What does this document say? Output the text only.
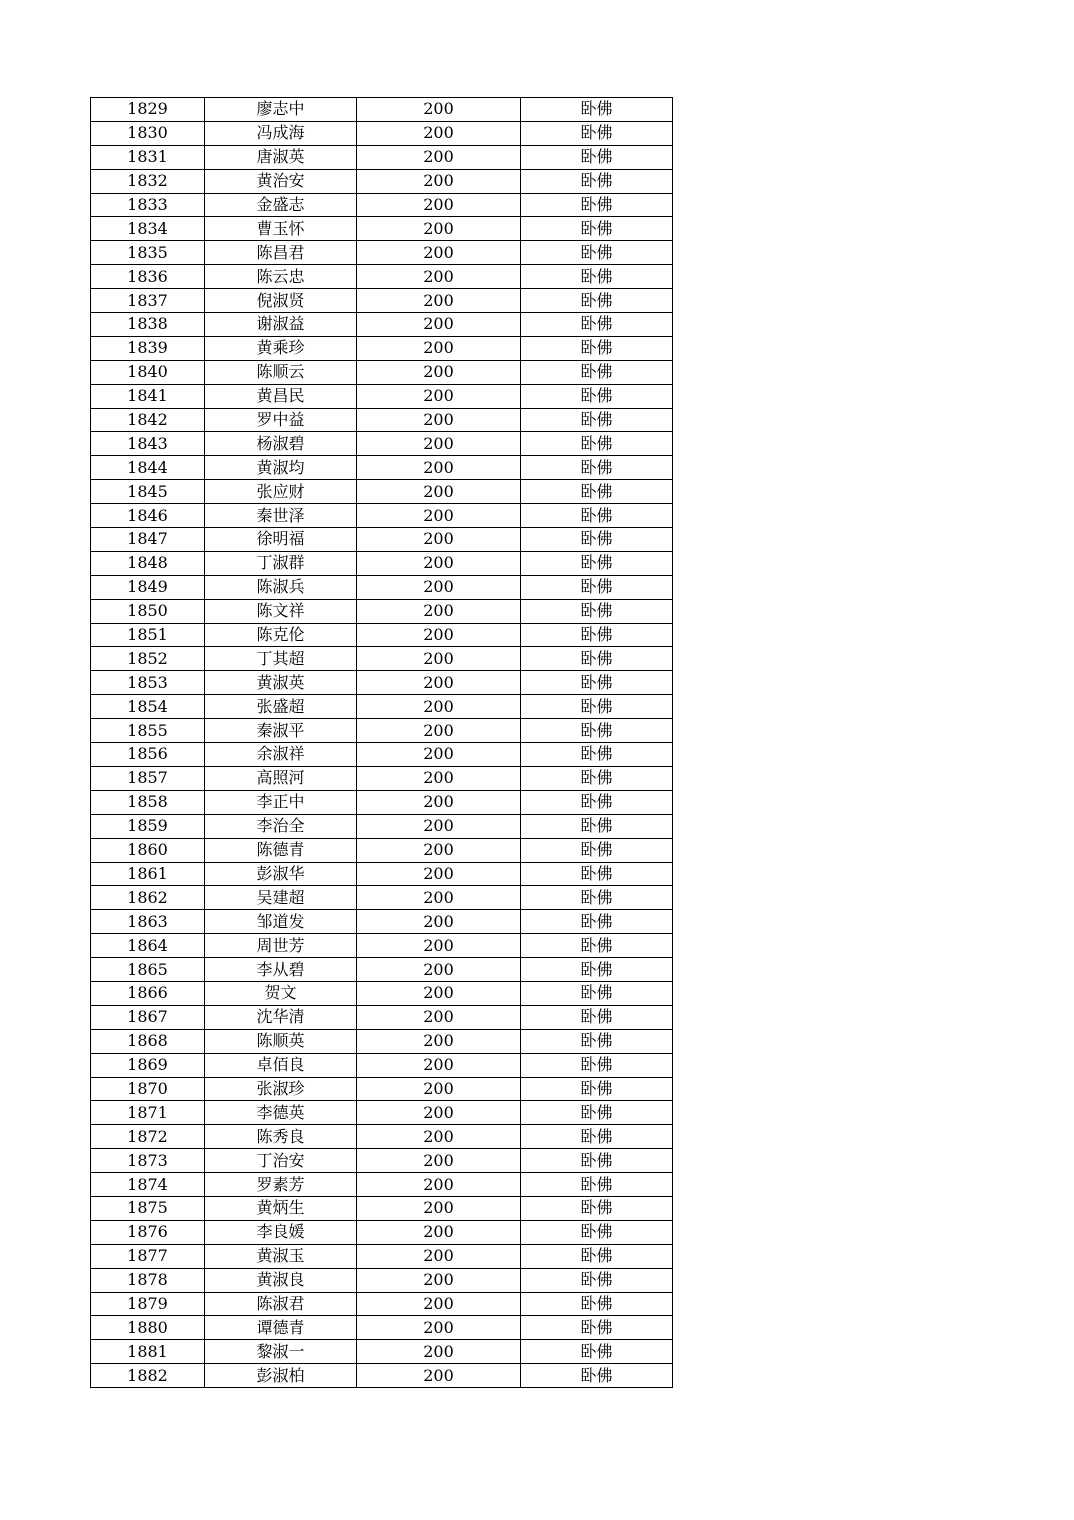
1829	廖志中	200	卧佛
1830	冯成海	200	卧佛
1831	唐淑英	200	卧佛
1832	黄治安	200	卧佛
1833	金盛志	200	卧佛
1834	曹玉怀	200	卧佛
1835	陈昌君	200	卧佛
1836	陈云忠	200	卧佛
1837	倪淑贤	200	卧佛
1838	谢淑益	200	卧佛
1839	黄乘珍	200	卧佛
1840	陈顺云	200	卧佛
1841	黄昌民	200	卧佛
1842	罗中益	200	卧佛
1843	杨淑碧	200	卧佛
1844	黄淑均	200	卧佛
1845	张应财	200	卧佛
1846	秦世泽	200	卧佛
1847	徐明福	200	卧佛
1848	丁淑群	200	卧佛
1849	陈淑兵	200	卧佛
1850	陈文祥	200	卧佛
1851	陈克伦	200	卧佛
1852	丁其超	200	卧佛
1853	黄淑英	200	卧佛
1854	张盛超	200	卧佛
1855	秦淑平	200	卧佛
1856	余淑祥	200	卧佛
1857	高照河	200	卧佛
1858	李正中	200	卧佛
1859	李治全	200	卧佛
1860	陈德青	200	卧佛
1861	彭淑华	200	卧佛
1862	吴建超	200	卧佛
1863	邹道发	200	卧佛
1864	周世芳	200	卧佛
1865	李从碧	200	卧佛
1866	贺文	200	卧佛
1867	沈华清	200	卧佛
1868	陈顺英	200	卧佛
1869	卓佰良	200	卧佛
1870	张淑珍	200	卧佛
1871	李德英	200	卧佛
1872	陈秀良	200	卧佛
1873	丁治安	200	卧佛
1874	罗素芳	200	卧佛
1875	黄炳生	200	卧佛
1876	李良媛	200	卧佛
1877	黄淑玉	200	卧佛
1878	黄淑良	200	卧佛
1879	陈淑君	200	卧佛
1880	谭德青	200	卧佛
1881	黎淑一	200	卧佛
1882	彭淑柏	200	卧佛
